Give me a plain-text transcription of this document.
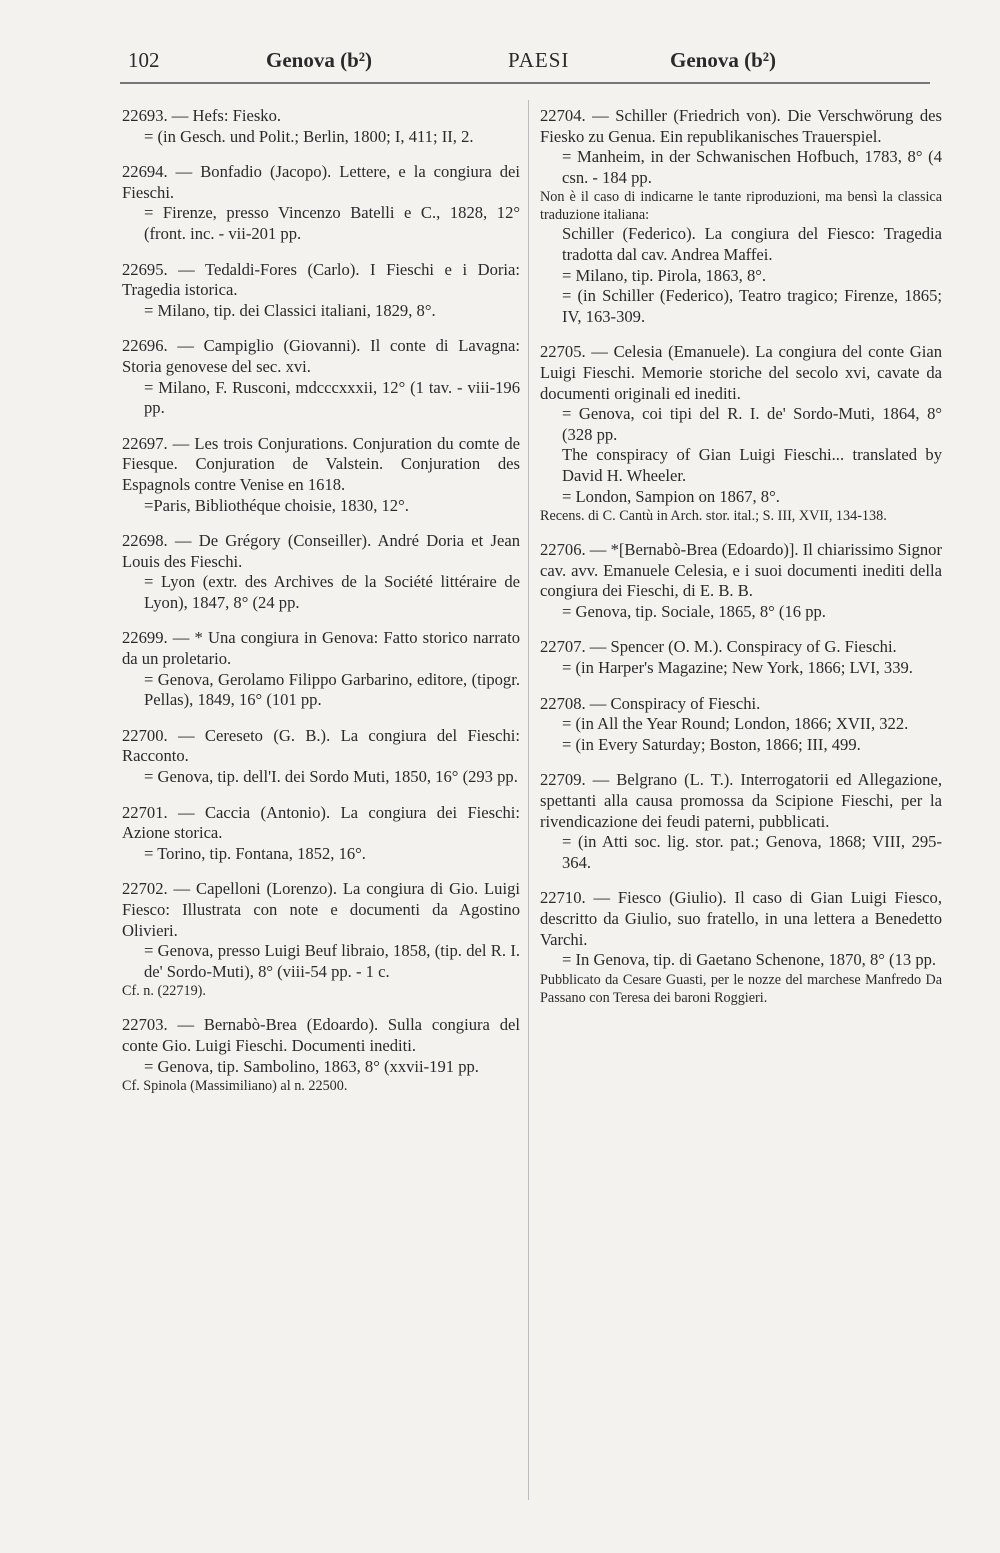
102	Genova (b²)	PAESI	Genova (b²)

22693. — Hefs: Fiesko.

= (in Gesch. und Polit.; Berlin, 1800; I, 411; II, 2.

22694. — Bonfadio (Jacopo). Lettere, e la congiura dei Fieschi.

= Firenze, presso Vincenzo Batelli e C., 1828, 12° (front. inc. - vii-201 pp.

22695. — Tedaldi-Fores (Carlo). I Fieschi e i Doria: Tragedia istorica.

= Milano, tip. dei Classici italiani, 1829, 8°.

22696. — Campiglio (Giovanni). Il conte di Lavagna: Storia genovese del sec. xvi.

= Milano, F. Rusconi, mdcccxxxii, 12° (1 tav. - viii-196 pp.

22697. — Les trois Conjurations. Conjuration du comte de Fiesque. Conjuration de Valstein. Conjuration des Espagnols contre Venise en 1618.

=Paris, Bibliothéque choisie, 1830, 12°.

22698. — De Grégory (Conseiller). André Doria et Jean Louis des Fieschi.

= Lyon (extr. des Archives de la Société littéraire de Lyon), 1847, 8° (24 pp.

22699. — * Una congiura in Genova: Fatto storico narrato da un proletario.

= Genova, Gerolamo Filippo Garbarino, editore, (tipogr. Pellas), 1849, 16° (101 pp.

22700. — Cereseto (G. B.). La congiura del Fieschi: Racconto.

= Genova, tip. dell'I. dei Sordo Muti, 1850, 16° (293 pp.

22701. — Caccia (Antonio). La congiura dei Fieschi: Azione storica.

= Torino, tip. Fontana, 1852, 16°.

22702. — Capelloni (Lorenzo). La congiura di Gio. Luigi Fiesco: Illustrata con note e documenti da Agostino Olivieri.

= Genova, presso Luigi Beuf libraio, 1858, (tip. del R. I. de' Sordo-Muti), 8° (viii-54 pp. - 1 c.

Cf. n. (22719).

22703. — Bernabò-Brea (Edoardo). Sulla congiura del conte Gio. Luigi Fieschi. Documenti inediti.

= Genova, tip. Sambolino, 1863, 8° (xxvii-191 pp.

Cf. Spinola (Massimiliano) al n. 22500.

22704. — Schiller (Friedrich von). Die Verschwörung des Fiesko zu Genua. Ein republikanisches Trauerspiel.

= Manheim, in der Schwanischen Hofbuch, 1783, 8° (4 csn. - 184 pp.

Non è il caso di indicarne le tante riproduzioni, ma bensì la classica traduzione italiana:

Schiller (Federico). La congiura del Fiesco: Tragedia tradotta dal cav. Andrea Maffei.

= Milano, tip. Pirola, 1863, 8°.

= (in Schiller (Federico), Teatro tragico; Firenze, 1865; IV, 163-309.

22705. — Celesia (Emanuele). La congiura del conte Gian Luigi Fieschi. Memorie storiche del secolo xvi, cavate da documenti originali ed inediti.

= Genova, coi tipi del R. I. de' Sordo-Muti, 1864, 8° (328 pp.

The conspiracy of Gian Luigi Fieschi... translated by David H. Wheeler.

= London, Sampion on 1867, 8°.

Recens. di C. Cantù in Arch. stor. ital.; S. III, XVII, 134-138.

22706. — *[Bernabò-Brea (Edoardo)]. Il chiarissimo Signor cav. avv. Emanuele Celesia, e i suoi documenti inediti della congiura dei Fieschi, di E. B. B.

= Genova, tip. Sociale, 1865, 8° (16 pp.

22707. — Spencer (O. M.). Conspiracy of G. Fieschi.

= (in Harper's Magazine; New York, 1866; LVI, 339.

22708. — Conspiracy of Fieschi.

= (in All the Year Round; London, 1866; XVII, 322.

= (in Every Saturday; Boston, 1866; III, 499.

22709. — Belgrano (L. T.). Interrogatorii ed Allegazione, spettanti alla causa promossa da Scipione Fieschi, per la rivendicazione dei feudi paterni, pubblicati.

= (in Atti soc. lig. stor. pat.; Genova, 1868; VIII, 295-364.

22710. — Fiesco (Giulio). Il caso di Gian Luigi Fiesco, descritto da Giulio, suo fratello, in una lettera a Benedetto Varchi.

= In Genova, tip. di Gaetano Schenone, 1870, 8° (13 pp.

Pubblicato da Cesare Guasti, per le nozze del marchese Manfredo Da Passano con Teresa dei baroni Roggieri.
